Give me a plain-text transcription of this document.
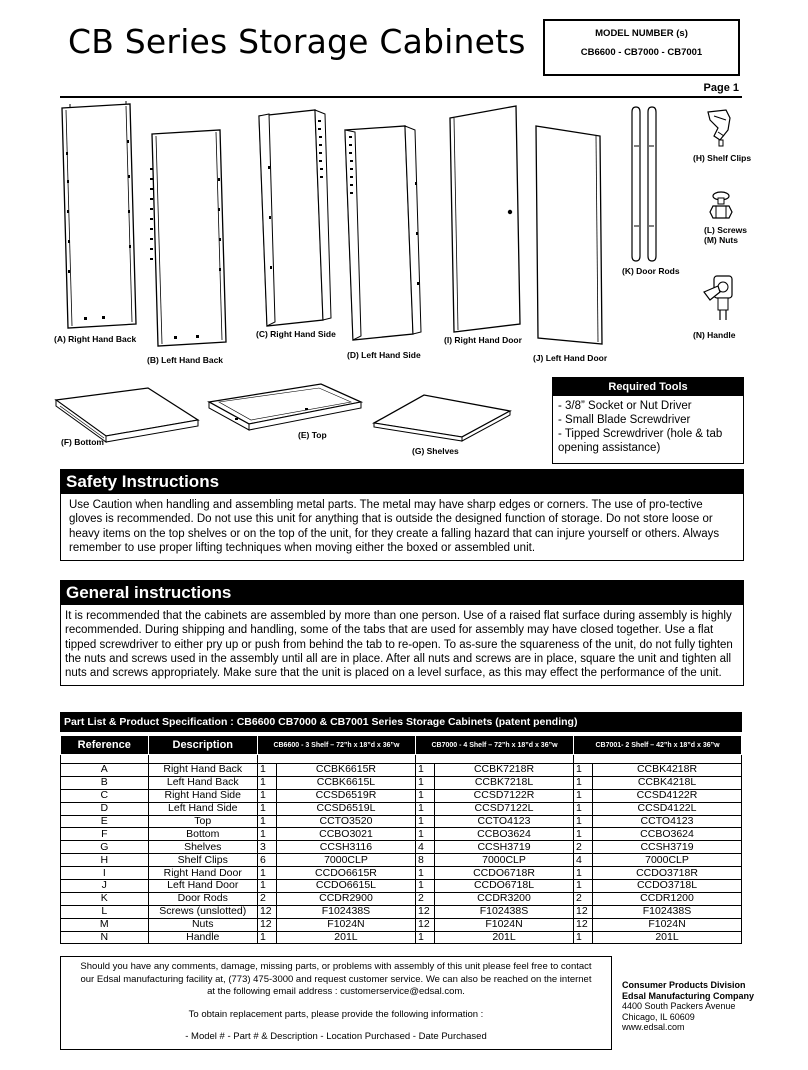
CB Series Storage Cabinets	MODEL NUMBER (s)
CB6600 - CB7000 - CB7001
Page 1
(A) Right Hand Back
(B) Left Hand Back
(C) Right Hand Side
(D) Left Hand Side
(I) Right Hand Door
(J) Left Hand Door
(K) Door Rods
(H) Shelf Clips
(L) Screws
(M) Nuts
(N) Handle
(F) Bottom
(E) Top
(G) Shelves
Required Tools
- 3/8” Socket or Nut Driver
- Small Blade Screwdriver
- Tipped Screwdriver (hole & tab opening assistance)
Safety Instructions
Use Caution when handling and assembling metal parts. The metal may have sharp edges or corners. The use of pro-tective gloves is recommended. Do not use this unit for anything that is outside the designed function of storage. Do not store loose or heavy items on the top shelves or on the top of the unit, for they create a falling hazard that can injure yourself or others. Always remember to use proper lifting techniques when moving either the boxed or assembled unit.
General instructions
It is recommended that the cabinets are assembled by more than one person. Use of a raised flat surface during assembly is highly recommended. During shipping and handling, some of the tabs that are used for assembly may have closed together. Use a flat tipped screwdriver to either pry up or push from behind the tab to re-open. To as-sure the squareness of the unit, do not fully tighten the nuts and screws used in the assembly until all are in place. After all nuts and screws are in place, square the unit and tighten all nuts and screws appropriately. Make sure that the unit is placed on a level surface, as this may effect the performance of the unit.
Part List & Product Specification : CB6600 CB7000 & CB7001 Series Storage Cabinets (patent pending)
Reference	Description	CB6600 - 3 Shelf – 72”h x 18”d x 36”w		CB7000 - 4 Shelf – 72”h x 18”d x 36”w		CB7001- 2 Shelf – 42”h x 18”d x 36”w	

A	Right Hand Back	1	CCBK6615R	1	CCBK7218R	1	CCBK4218R
B	Left Hand Back	1	CCBK6615L	1	CCBK7218L	1	CCBK4218L
C	Right Hand Side	1	CCSD6519R	1	CCSD7122R	1	CCSD4122R
D	Left Hand Side	1	CCSD6519L	1	CCSD7122L	1	CCSD4122L
E	Top	1	CCTO3520	1	CCTO4123	1	CCTO4123
F	Bottom	1	CCBO3021	1	CCBO3624	1	CCBO3624
G	Shelves	3	CCSH3116	4	CCSH3719	2	CCSH3719
H	Shelf Clips	6	7000CLP	8	7000CLP	4	7000CLP
I	Right Hand Door	1	CCDO6615R	1	CCDO6718R	1	CCDO3718R
J	Left Hand Door	1	CCDO6615L	1	CCDO6718L	1	CCDO3718L
K	Door Rods	2	CCDR2900	2	CCDR3200	2	CCDR1200
L	Screws (unslotted)	12	F102438S	12	F102438S	12	F102438S
M	Nuts	12	F1024N	12	F1024N	12	F1024N
N	Handle	1	201L	1	201L	1	201L

Should you have any comments, damage, missing parts, or problems with assembly of this unit please feel free to contact

our Edsal manufacturing facility at, (773) 475-3000 and request customer service. We can also be reached on the internet

at the following email address : customerservice@edsal.com.

To obtain replacement parts, please provide the following information :

- Model # - Part # & Description - Location Purchased - Date Purchased

Consumer Products Division
Edsal Manufacturing Company
4400 South Packers Avenue
Chicago, IL 60609
www.edsal.com
